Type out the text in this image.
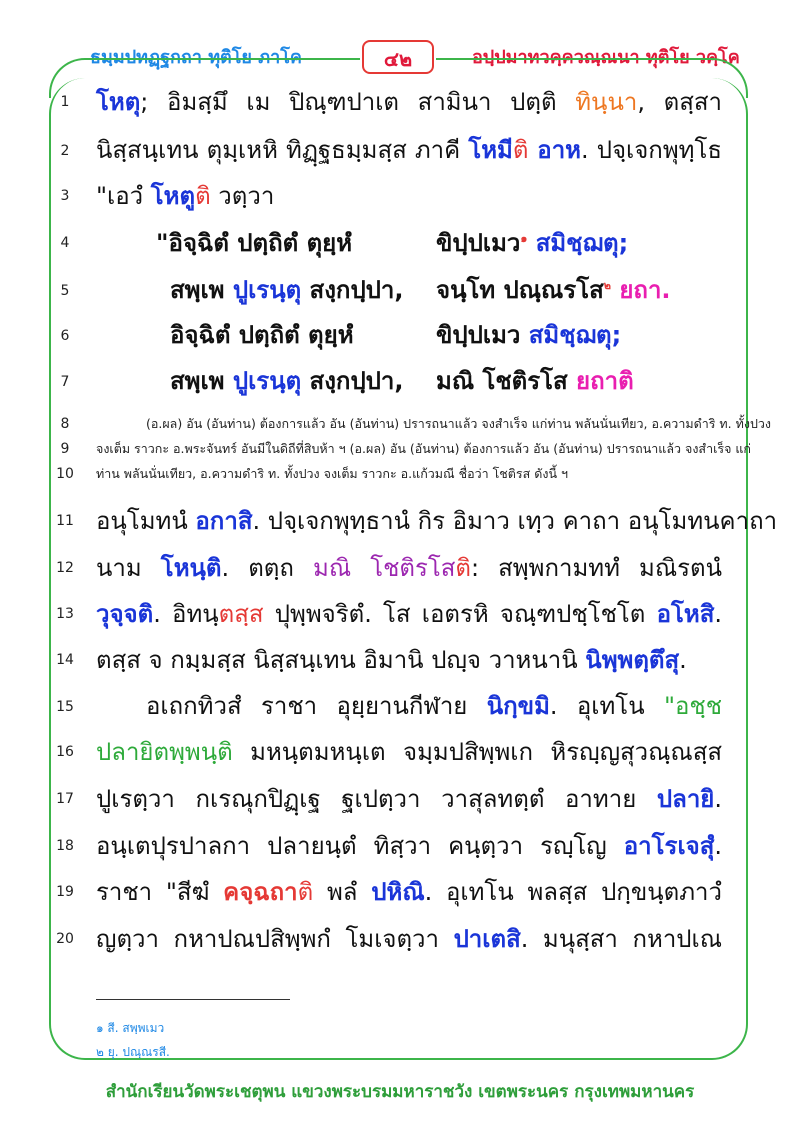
ธมฺมปทฏฺฐกถา ทุติโย ภาโค	๔๒	อปฺปมาทวคฺควณฺณนา ทุติโย วคฺโค
1
2
3
4
5
6
7
8
9
10
11
12
13
14
15
16
17
18
19
20
โหตุ; อิมสฺมึ เม ปิณฺฑปาเต สามินา ปตฺติ ทินฺนา, ตสฺสา
นิสฺสนฺเทน ตุมฺเหหิ ทิฏฺฐธมฺมสฺส ภาคี โหมีติ อาห. ปจฺเจกพุทฺโธ
"เอวํ โหตูติ วตฺวา
"อิจฺฉิตํ ปตฺถิตํ ตุยฺหํ	ขิปฺปเมว$^๑$ สมิชฺฌตุ;
สพฺเพ ปูเรนฺตุ สงฺกปฺปา, จนฺโท ปณฺณรโส$^๒$ ยถา.
อิจฺฉิตํ ปตฺถิตํ ตุยฺหํ	ขิปฺปเมว สมิชฺฌตุ;
สพฺเพ ปูเรนฺตุ สงฺกปฺปา, มณิ โชติรโส ยถาติ
(อ.ผล) อัน (อันท่าน) ต้องการแล้ว อัน (อันท่าน) ปรารถนาแล้ว จงสำเร็จ แก่ท่าน พลันนั่นเทียว, อ.ความดำริ ท. ทั้งปวง
จงเต็ม ราวกะ อ.พระจันทร์ อันมีในดิถีที่สิบห้า ฯ (อ.ผล) อัน (อันท่าน) ต้องการแล้ว อัน (อันท่าน) ปรารถนาแล้ว จงสำเร็จ แก่
ท่าน พลันนั่นเทียว, อ.ความดำริ ท. ทั้งปวง จงเต็ม ราวกะ อ.แก้วมณี ชื่อว่า โชติรส ดังนี้ ฯ
อนุโมทนํ อกาสิ. ปจฺเจกพุทฺธานํ กิร อิมาว เทฺว คาถา อนุโมทนคาถา
นาม โหนฺติ. ตตฺถ มณิ โชติรโสติ: สพฺพกามททํ มณิรตนํ
วุจฺจติ. อิทนฺตสฺส ปุพฺพจริตํ. โส เอตรหิ จณฺฑปชฺโชโต อโหสิ.
ตสฺส จ กมฺมสฺส นิสฺสนฺเทน อิมานิ ปญฺจ วาหนานิ นิพฺพตฺตึสุ.
อเถกทิวสํ ราชา อุยฺยานกีฬาย นิกฺขมิ. อุเทโน "อชฺช
ปลายิตพฺพนฺติ มหนฺตมหนฺเต จมฺมปสิพฺพเก หิรญฺญสุวณฺณสฺส
ปูเรตฺวา กเรณุกปิฏฺเฐ ฐเปตฺวา วาสุลทตฺตํ อาทาย ปลายิ.
อนฺเตปุรปาลกา ปลายนฺตํ ทิสฺวา คนฺตฺวา รญฺโญ อาโรเจสุํ.
ราชา "สีฆํ คจฺฉถาติ พลํ ปหิณิ. อุเทโน พลสฺส ปกฺขนฺตภาวํ
ญตฺวา กหาปณปสิพฺพกํ โมเจตฺวา ปาเตสิ. มนุสฺสา กหาปเณ
๑ สี. สพฺพเมว
๒ ยุ. ปณฺณรสี.
สำนักเรียนวัดพระเชตุพน แขวงพระบรมมหาราชวัง เขตพระนคร กรุงเทพมหานคร
